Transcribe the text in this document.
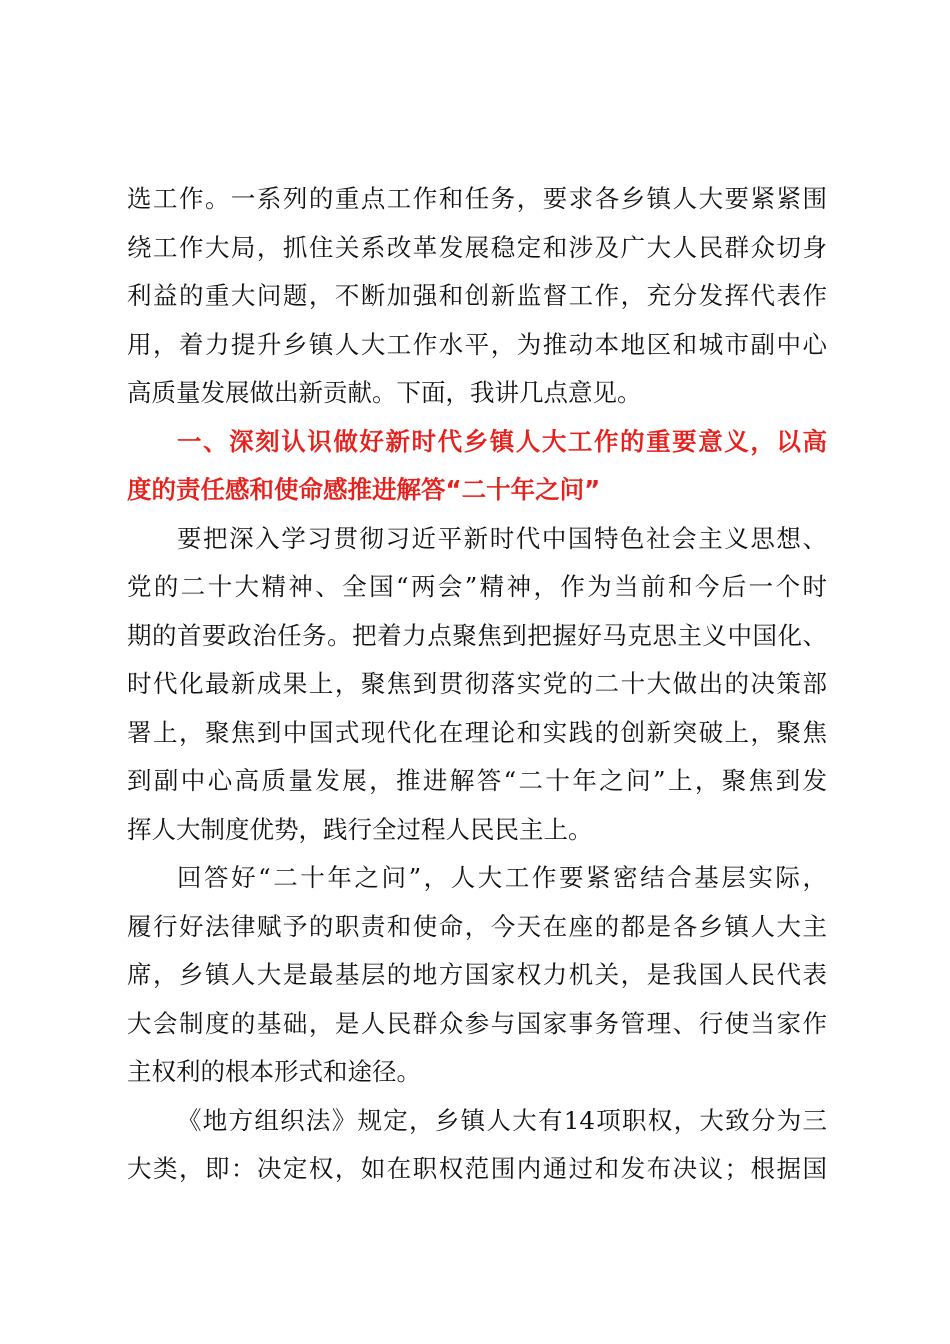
选工作。一系列的重点工作和任务，要求各乡镇人大要紧紧围
绕工作大局，抓住关系改革发展稳定和涉及广大人民群众切身
利益的重大问题，不断加强和创新监督工作，充分发挥代表作
用，着力提升乡镇人大工作水平，为推动本地区和城市副中心
高质量发展做出新贡献。下面，我讲几点意见。
一、深刻认识做好新时代乡镇人大工作的重要意义，以高
度的责任感和使命感推进解答“二十年之问”
要把深入学习贯彻习近平新时代中国特色社会主义思想、
党的二十大精神、全国“两会”精神，作为当前和今后一个时
期的首要政治任务。把着力点聚焦到把握好马克思主义中国化、
时代化最新成果上，聚焦到贯彻落实党的二十大做出的决策部
署上，聚焦到中国式现代化在理论和实践的创新突破上，聚焦
到副中心高质量发展，推进解答“二十年之问”上，聚焦到发
挥人大制度优势，践行全过程人民民主上。
回答好“二十年之问”，人大工作要紧密结合基层实际，
履行好法律赋予的职责和使命，今天在座的都是各乡镇人大主
席，乡镇人大是最基层的地方国家权力机关，是我国人民代表
大会制度的基础，是人民群众参与国家事务管理、行使当家作
主权利的根本形式和途径。
《地方组织法》规定，乡镇人大有14项职权，大致分为三
大类，即：决定权，如在职权范围内通过和发布决议；根据国
